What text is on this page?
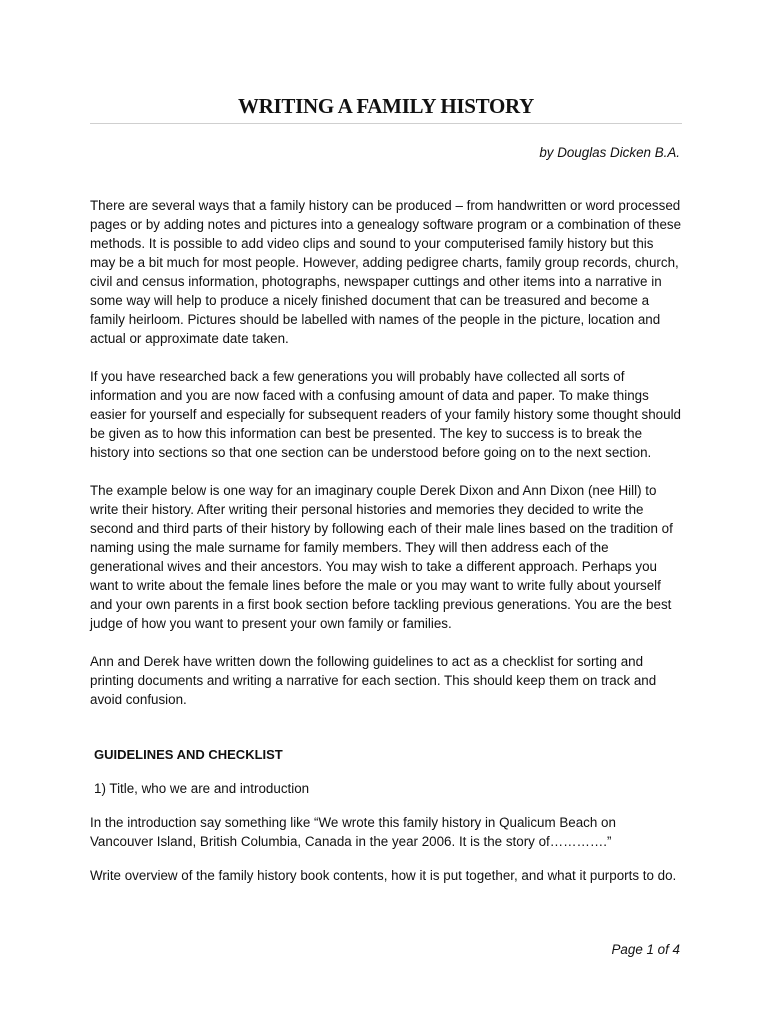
WRITING A FAMILY HISTORY
by Douglas Dicken B.A.

There are several ways that a family history can be produced – from handwritten or word processed pages or by adding notes and pictures into a genealogy software program or a combination of these methods. It is possible to add video clips and sound to your computerised family history but this may be a bit much for most people. However, adding pedigree charts, family group records, church, civil and census information, photographs, newspaper cuttings and other items into a narrative in some way will help to produce a nicely finished document that can be treasured and become a family heirloom. Pictures should be labelled with names of the people in the picture, location and actual or approximate date taken.

If you have researched back a few generations you will probably have collected all sorts of information and you are now faced with a confusing amount of data and paper. To make things easier for yourself and especially for subsequent readers of your family history some thought should be given as to how this information can best be presented. The key to success is to break the history into sections so that one section can be understood before going on to the next section.

The example below is one way for an imaginary couple Derek Dixon and Ann Dixon (nee Hill) to write their history. After writing their personal histories and memories they decided to write the second and third parts of their history by following each of their male lines based on the tradition of naming using the male surname for family members. They will then address each of the generational wives and their ancestors. You may wish to take a different approach. Perhaps you want to write about the female lines before the male or you may want to write fully about yourself and your own parents in a first book section before tackling previous generations. You are the best judge of how you want to present your own family or families.

Ann and Derek have written down the following guidelines to act as a checklist for sorting and printing documents and writing a narrative for each section. This should keep them on track and avoid confusion.

GUIDELINES AND CHECKLIST

1) Title, who we are and introduction

In the introduction say something like “We wrote this family history in Qualicum Beach on Vancouver Island, British Columbia, Canada in the year 2006. It is the story of………….”

Write overview of the family history book contents, how it is put together, and what it purports to do.

Page 1 of 4
